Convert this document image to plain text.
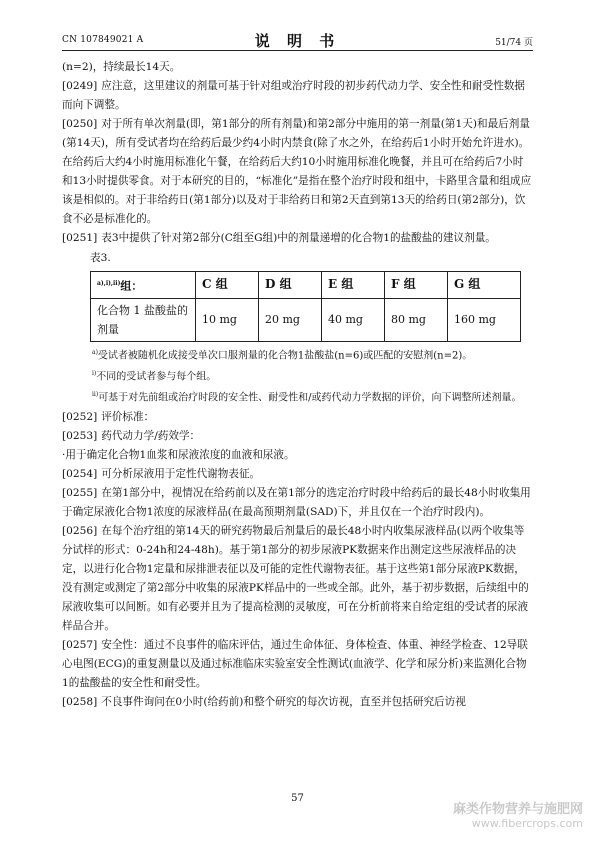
CN 107849021 A	说 明 书	51/74 页

(n=2)，持续最长14天。

[0249] 应注意，这里建议的剂量可基于针对组或治疗时段的初步药代动力学、安全性和耐受性数据而向下调整。

[0250] 对于所有单次剂量(即，第1部分的所有剂量)和第2部分中施用的第一剂量(第1天)和最后剂量(第14天)，所有受试者均在给药后最少约4小时内禁食(除了水之外，在给药后1小时开始允许进水)。在给药后大约4小时施用标准化午餐，在给药后大约10小时施用标准化晚餐，并且可在给药后7小时和13小时提供零食。对于本研究的目的，“标准化”是指在整个治疗时段和组中，卡路里含量和组成应该是相似的。对于非给药日(第1部分)以及对于非给药日和第2天直到第13天的给药日(第2部分)，饮食不必是标准化的。

[0251] 表3中提供了针对第2部分(C组至G组)中的剂量递增的化合物1的盐酸盐的建议剂量。

表3.
$^{a),i),ii)}$组：	C 组	D 组	E 组	F 组	G 组
化合物 1 盐酸盐的剂量	10 mg	20 mg	40 mg	80 mg	160 mg
$^{a)}$受试者被随机化成接受单次口服剂量的化合物1盐酸盐(n=6)或匹配的安慰剂(n=2)。
$^{i)}$不同的受试者参与每个组。
$^{ii)}$可基于对先前组或治疗时段的安全性、耐受性和/或药代动力学数据的评价，向下调整所述剂量。

[0252] 评价标准：

[0253] 药代动力学/药效学：

·用于确定化合物1血浆和尿液浓度的血液和尿液。

[0254] 可分析尿液用于定性代谢物表征。

[0255] 在第1部分中，视情况在给药前以及在第1部分的选定治疗时段中给药后的最长48小时收集用于确定尿液化合物1浓度的尿液样品(在最高预期剂量(SAD)下，并且仅在一个治疗时段内)。

[0256] 在每个治疗组的第14天的研究药物最后剂量后的最长48小时内收集尿液样品(以两个收集等分试样的形式：0-24h和24-48h)。基于第1部分的初步尿液PK数据来作出测定这些尿液样品的决定，以进行化合物1定量和尿排泄表征以及可能的定性代谢物表征。基于这些第1部分尿液PK数据，没有测定或测定了第2部分中收集的尿液PK样品中的一些或全部。此外，基于初步数据，后续组中的尿液收集可以间断。如有必要并且为了提高检测的灵敏度，可在分析前将来自给定组的受试者的尿液样品合并。

[0257] 安全性：通过不良事件的临床评估，通过生命体征、身体检查、体重、神经学检查、12导联心电图(ECG)的重复测量以及通过标准临床实验室安全性测试(血液学、化学和尿分析)来监测化合物1的盐酸盐的安全性和耐受性。

[0258] 不良事件询问在0小时(给药前)和整个研究的每次访视，直至并包括研究后访视

57
麻类作物营养与施肥网
www.fibercrops.com
